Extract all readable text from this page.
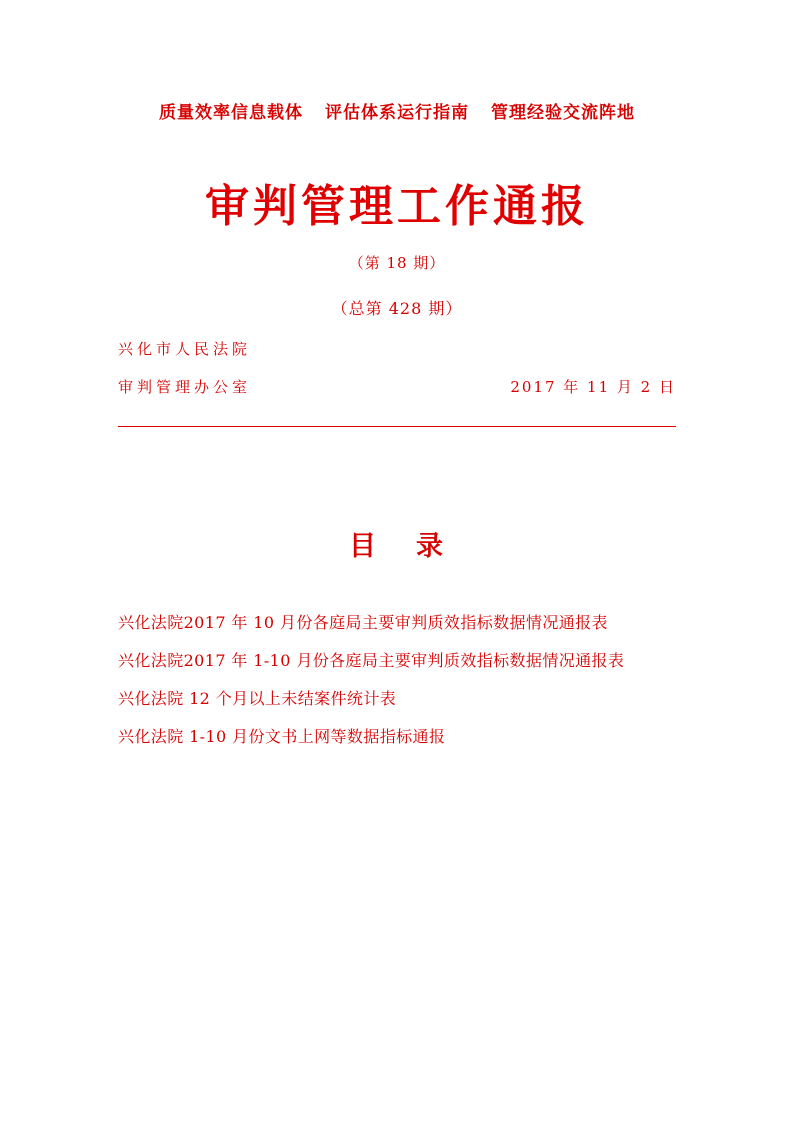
质量效率信息载体 评估体系运行指南 管理经验交流阵地
审判管理工作通报
（第 18 期）
（总第 428 期）
兴化市人民法院
审判管理办公室	2017 年 11 月 2 日
目 录
兴化法院2017 年 10 月份各庭局主要审判质效指标数据情况通报表
兴化法院2017 年 1-10 月份各庭局主要审判质效指标数据情况通报表
兴化法院 12 个月以上未结案件统计表
兴化法院 1-10 月份文书上网等数据指标通报
